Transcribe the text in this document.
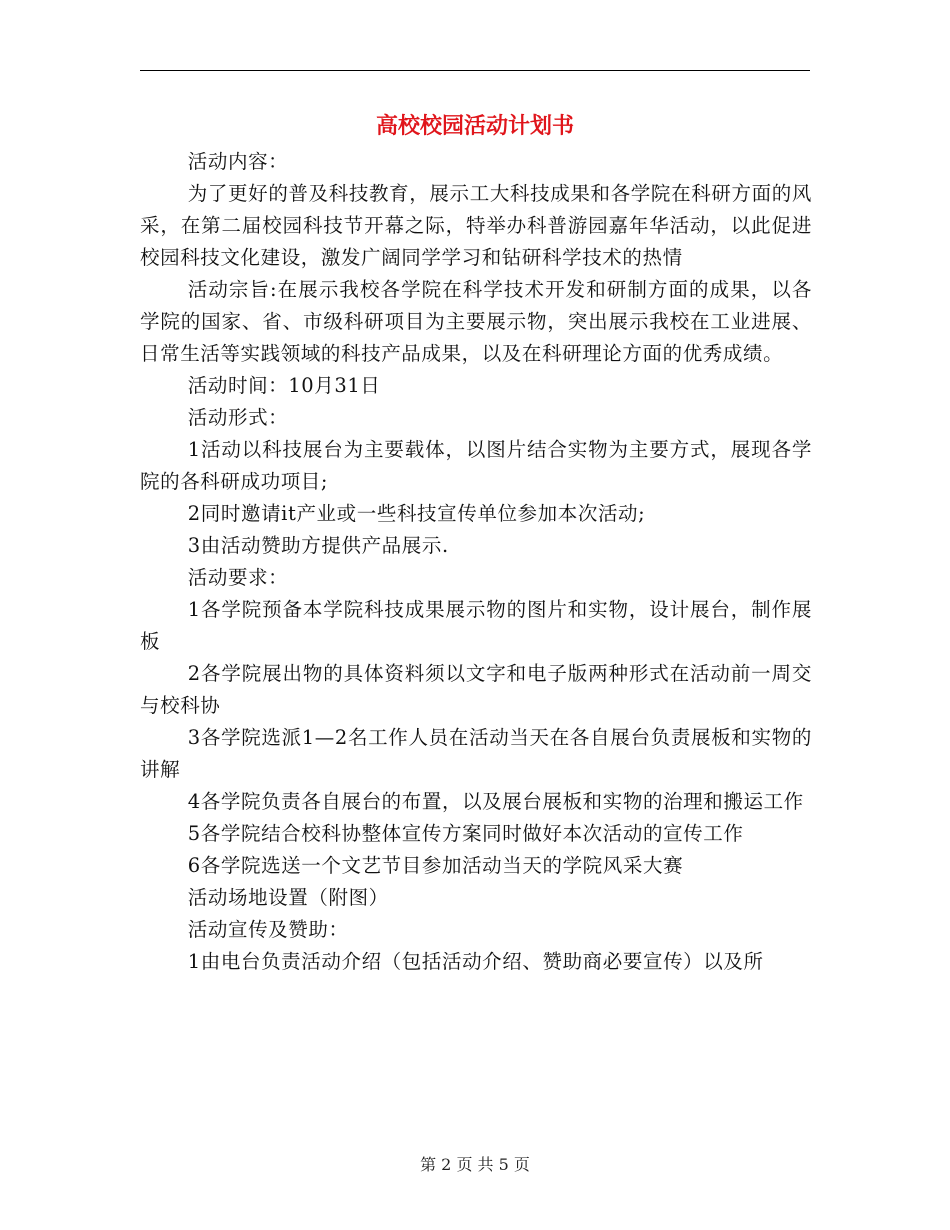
高校校园活动计划书

活动内容：

为了更好的普及科技教育，展示工大科技成果和各学院在科研方面的风采，在第二届校园科技节开幕之际，特举办科普游园嘉年华活动，以此促进校园科技文化建设，激发广阔同学学习和钻研科学技术的热情

活动宗旨:在展示我校各学院在科学技术开发和研制方面的成果，以各学院的国家、省、市级科研项目为主要展示物，突出展示我校在工业进展、日常生活等实践领域的科技产品成果，以及在科研理论方面的优秀成绩。

活动时间：10月31日

活动形式：

1活动以科技展台为主要载体，以图片结合实物为主要方式，展现各学院的各科研成功项目;

2同时邀请it产业或一些科技宣传单位参加本次活动;

3由活动赞助方提供产品展示.

活动要求：

1各学院预备本学院科技成果展示物的图片和实物，设计展台，制作展板

2各学院展出物的具体资料须以文字和电子版两种形式在活动前一周交与校科协

3各学院选派1—2名工作人员在活动当天在各自展台负责展板和实物的讲解

4各学院负责各自展台的布置，以及展台展板和实物的治理和搬运工作

5各学院结合校科协整体宣传方案同时做好本次活动的宣传工作

6各学院选送一个文艺节目参加活动当天的学院风采大赛

活动场地设置（附图）

活动宣传及赞助：

1由电台负责活动介绍（包括活动介绍、赞助商必要宣传）以及所

第 2 页 共 5 页
